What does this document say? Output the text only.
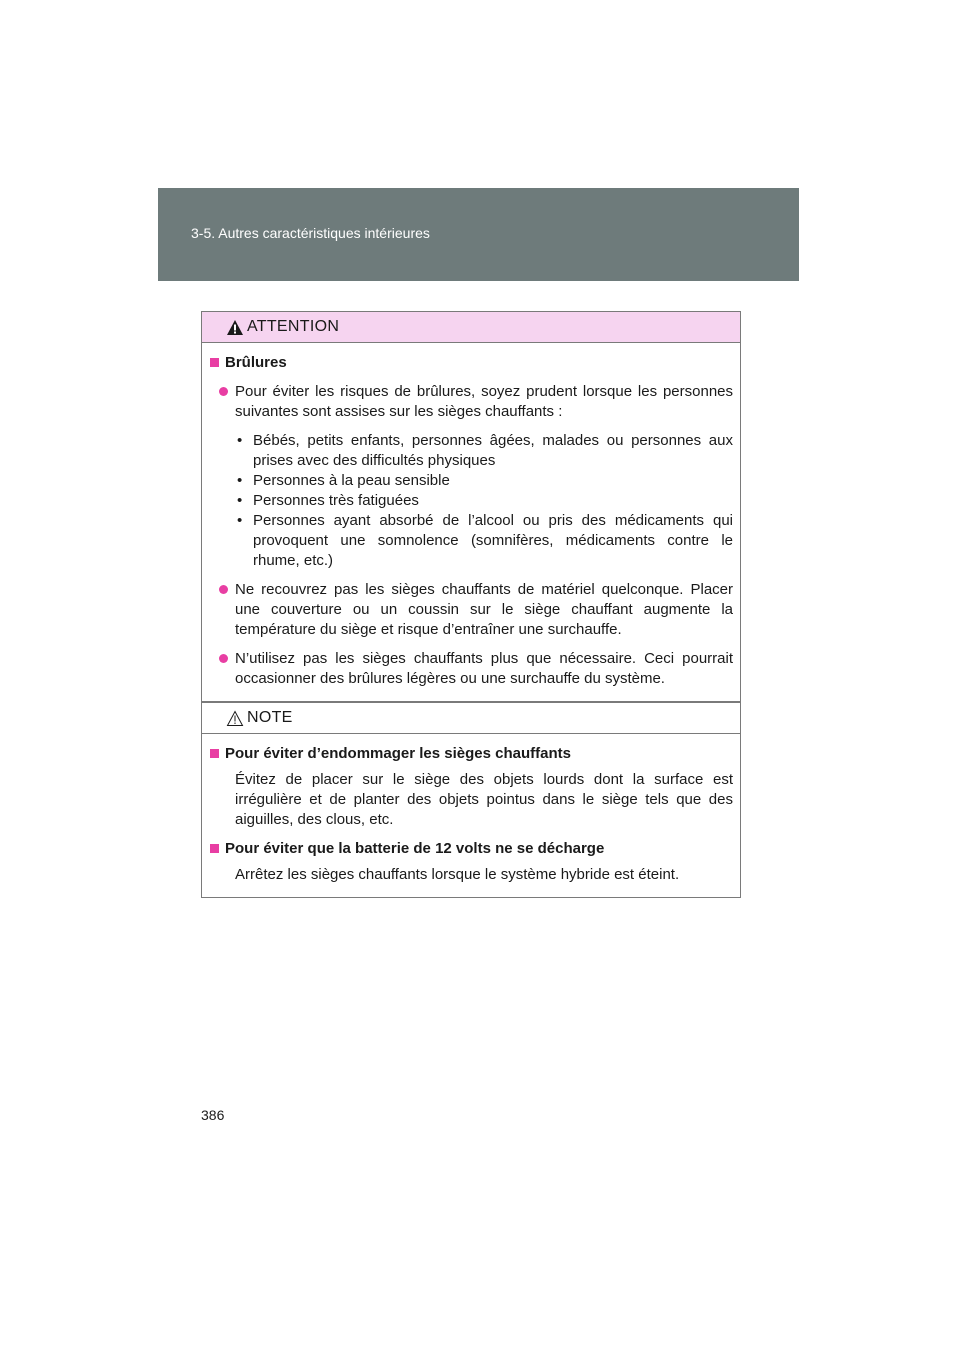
3-5. Autres caractéristiques intérieures
ATTENTION
Brûlures
Pour éviter les risques de brûlures, soyez prudent lorsque les personnes suivantes sont assises sur les sièges chauffants :
• Bébés, petits enfants, personnes âgées, malades ou personnes aux prises avec des difficultés physiques
• Personnes à la peau sensible
• Personnes très fatiguées
• Personnes ayant absorbé de l’alcool ou pris des médicaments qui provoquent une somnolence (somnifères, médicaments contre le rhume, etc.)
Ne recouvrez pas les sièges chauffants de matériel quelconque. Placer une couverture ou un coussin sur le siège chauffant augmente la température du siège et risque d’entraîner une surchauffe.
N’utilisez pas les sièges chauffants plus que nécessaire. Ceci pourrait occasionner des brûlures légères ou une surchauffe du système.
NOTE
Pour éviter d’endommager les sièges chauffants
Évitez de placer sur le siège des objets lourds dont la surface est irrégulière et de planter des objets pointus dans le siège tels que des aiguilles, des clous, etc.
Pour éviter que la batterie de 12 volts ne se décharge
Arrêtez les sièges chauffants lorsque le système hybride est éteint.
386
